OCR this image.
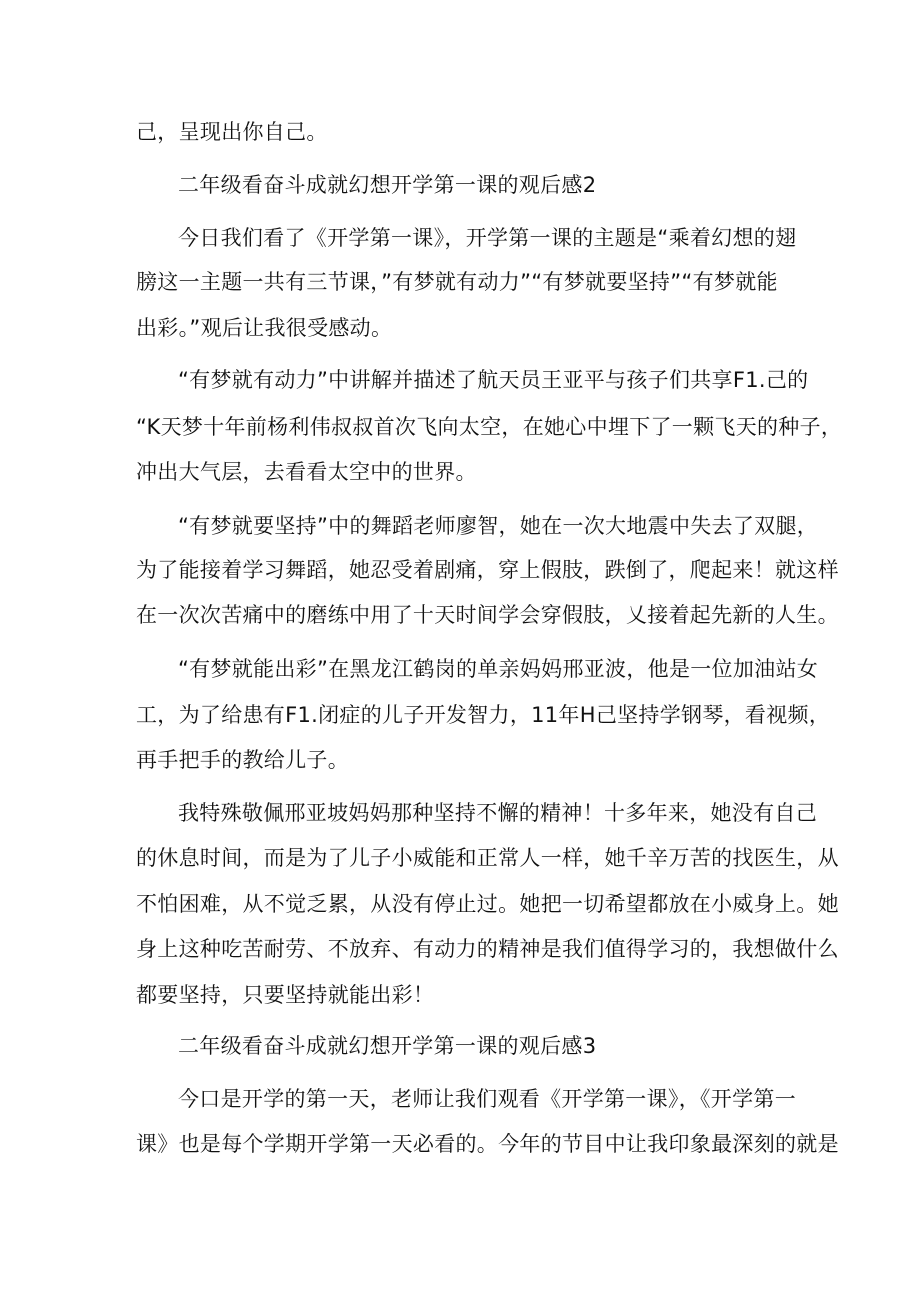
己，呈现出你自己。
二年级看奋斗成就幻想开学第一课的观后感2
今日我们看了《开学第一课》，开学第一课的主题是“乘着幻想的翅
膀这一主题一共有三节课，”有梦就有动力”“有梦就要坚持”“有梦就能
出彩。”观后让我很受感动。
“有梦就有动力”中讲解并描述了航天员王亚平与孩子们共享F1.己的
“K天梦十年前杨利伟叔叔首次飞向太空，在她心中埋下了一颗飞天的种子，
冲出大气层，去看看太空中的世界。
“有梦就要坚持”中的舞蹈老师廖智，她在一次大地震中失去了双腿，
为了能接着学习舞蹈，她忍受着剧痛，穿上假肢，跌倒了，爬起来！就这样
在一次次苦痛中的磨练中用了十天时间学会穿假肢，乂接着起先新的人生。
“有梦就能出彩”在黑龙江鹤岗的单亲妈妈邢亚波，他是一位加油站女
工，为了给患有F1.闭症的儿子开发智力，11年H己坚持学钢琴，看视频，
再手把手的教给儿子。
我特殊敬佩邢亚坡妈妈那种坚持不懈的精神！十多年来，她没有自己
的休息时间，而是为了儿子小威能和正常人一样，她千辛万苦的找医生，从
不怕困难，从不觉乏累，从没有停止过。她把一切希望都放在小威身上。她
身上这种吃苦耐劳、不放弃、有动力的精神是我们值得学习的，我想做什么
都要坚持，只要坚持就能出彩！
二年级看奋斗成就幻想开学第一课的观后感3
今口是开学的第一天，老师让我们观看《开学第一课》，《开学第一
课》也是每个学期开学第一天必看的。今年的节目中让我印象最深刻的就是
